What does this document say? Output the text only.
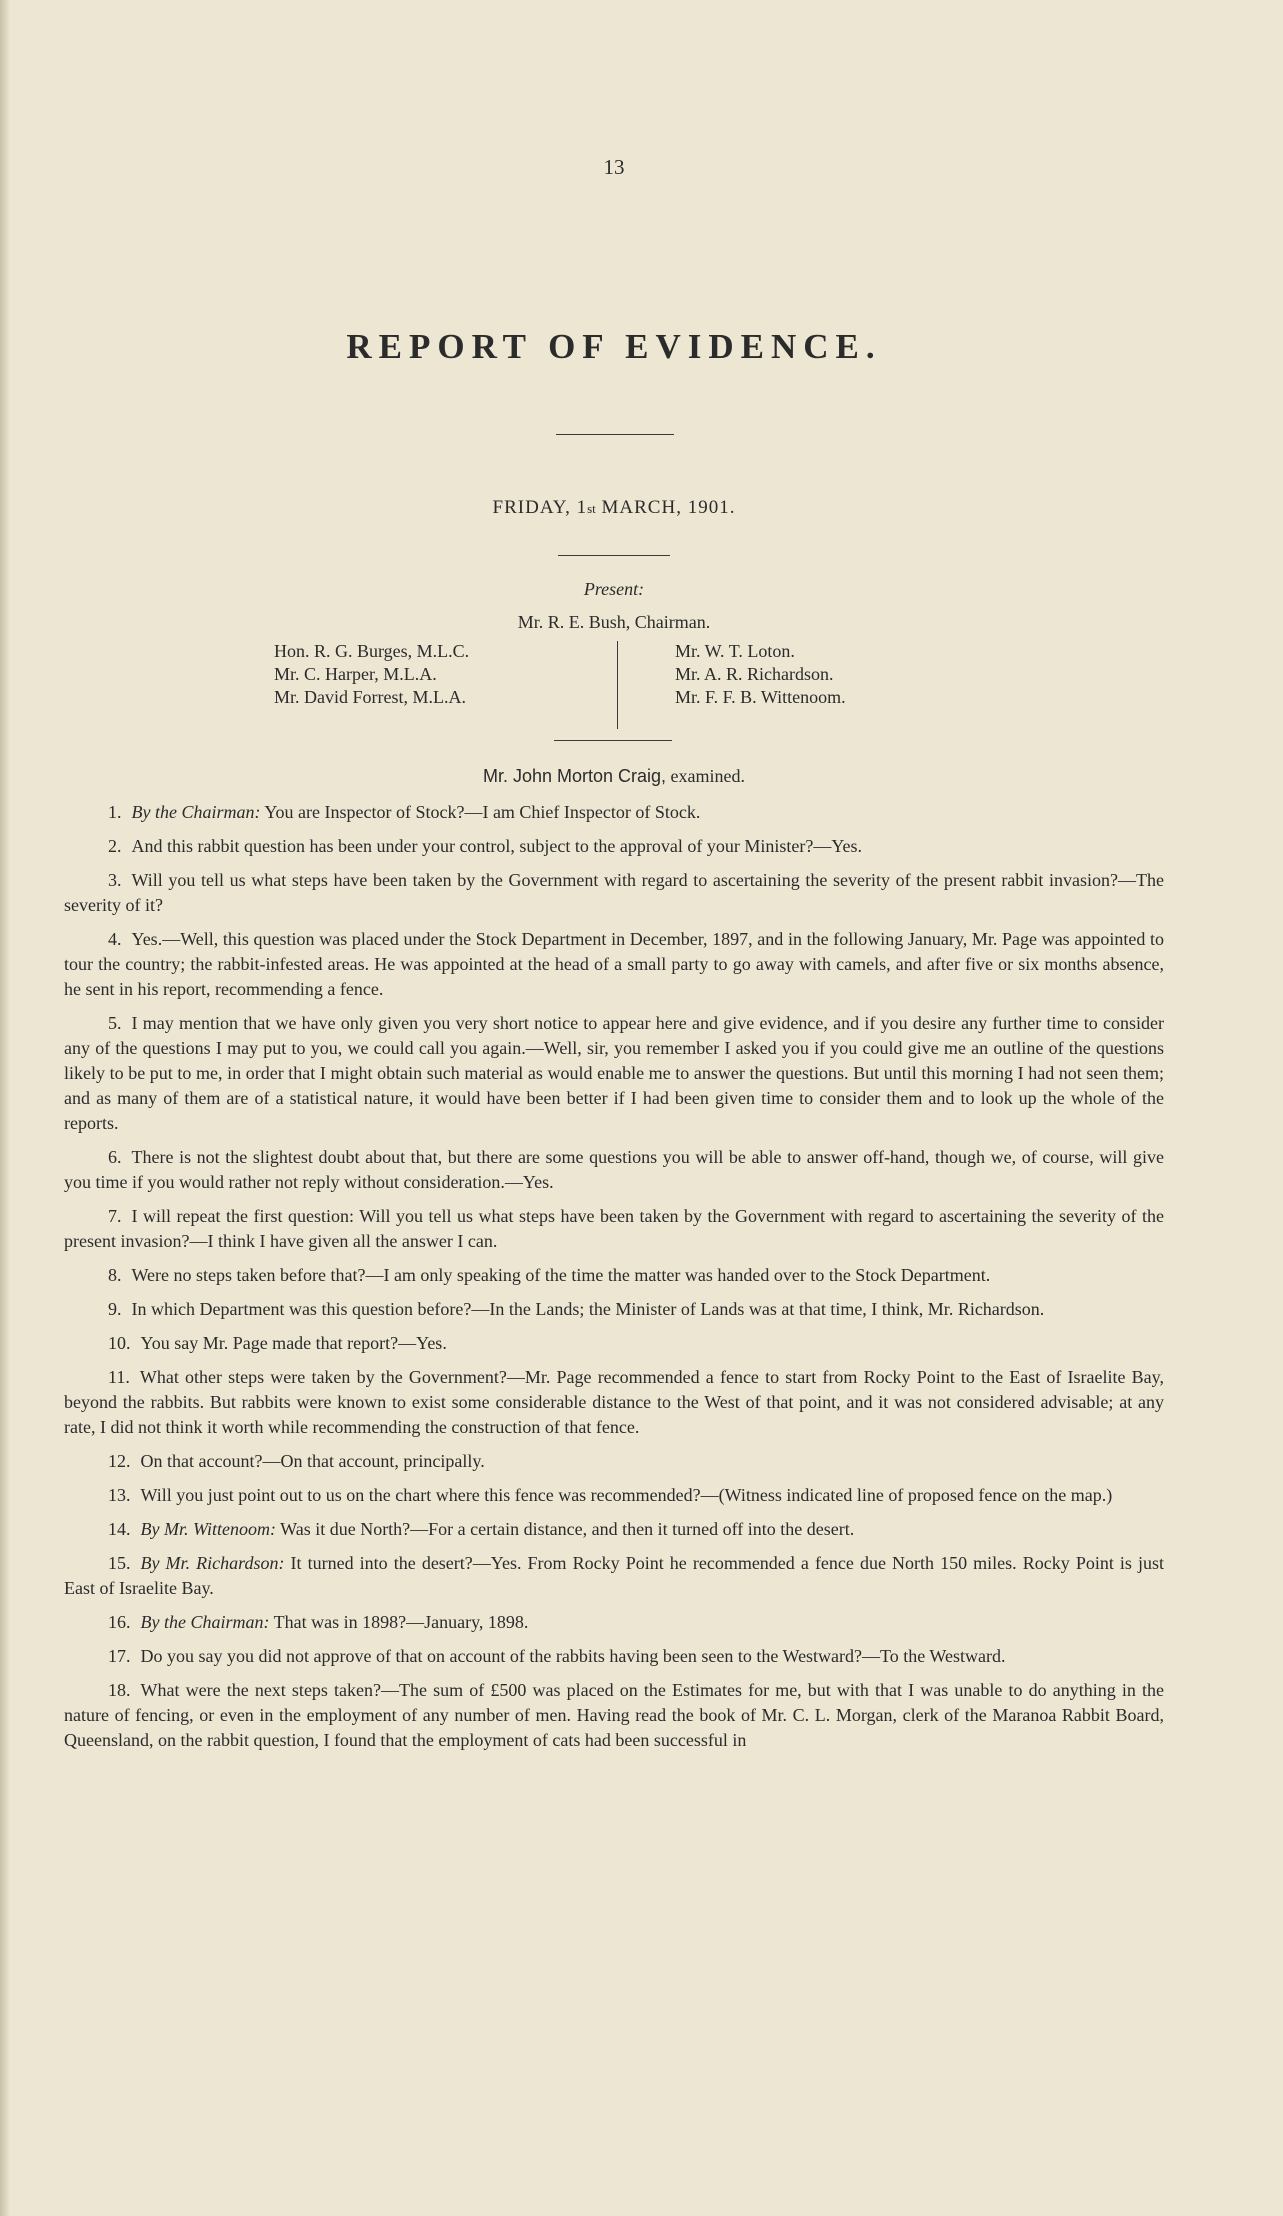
13
REPORT OF EVIDENCE.
FRIDAY, 1st MARCH, 1901.
Present:
Mr. R. E. Bush, Chairman.
Hon. R. G. Burges, M.L.C.
Mr. C. Harper, M.L.A.
Mr. David Forrest, M.L.A.
Mr. W. T. Loton.
Mr. A. R. Richardson.
Mr. F. F. B. Wittenoom.
Mr. John Morton Craig, examined.

1. By the Chairman: You are Inspector of Stock?—I am Chief Inspector of Stock.

2. And this rabbit question has been under your control, subject to the approval of your Minister?—Yes.

3. Will you tell us what steps have been taken by the Government with regard to ascertaining the severity of the present rabbit invasion?—The severity of it?

4. Yes.—Well, this question was placed under the Stock Department in December, 1897, and in the following January, Mr. Page was appointed to tour the country; the rabbit-infested areas. He was appointed at the head of a small party to go away with camels, and after five or six months absence, he sent in his report, recommending a fence.

5. I may mention that we have only given you very short notice to appear here and give evidence, and if you desire any further time to consider any of the questions I may put to you, we could call you again.—Well, sir, you remember I asked you if you could give me an outline of the questions likely to be put to me, in order that I might obtain such material as would enable me to answer the questions. But until this morning I had not seen them; and as many of them are of a statistical nature, it would have been better if I had been given time to consider them and to look up the whole of the reports.

6. There is not the slightest doubt about that, but there are some questions you will be able to answer off-hand, though we, of course, will give you time if you would rather not reply without consideration.—Yes.

7. I will repeat the first question: Will you tell us what steps have been taken by the Government with regard to ascertaining the severity of the present invasion?—I think I have given all the answer I can.

8. Were no steps taken before that?—I am only speaking of the time the matter was handed over to the Stock Department.

9. In which Department was this question before?—In the Lands; the Minister of Lands was at that time, I think, Mr. Richardson.

10. You say Mr. Page made that report?—Yes.

11. What other steps were taken by the Government?—Mr. Page recommended a fence to start from Rocky Point to the East of Israelite Bay, beyond the rabbits. But rabbits were known to exist some considerable distance to the West of that point, and it was not considered advisable; at any rate, I did not think it worth while recommending the construction of that fence.

12. On that account?—On that account, principally.

13. Will you just point out to us on the chart where this fence was recommended?—(Witness indicated line of proposed fence on the map.)

14. By Mr. Wittenoom: Was it due North?—For a certain distance, and then it turned off into the desert.

15. By Mr. Richardson: It turned into the desert?—Yes. From Rocky Point he recommended a fence due North 150 miles. Rocky Point is just East of Israelite Bay.

16. By the Chairman: That was in 1898?—January, 1898.

17. Do you say you did not approve of that on account of the rabbits having been seen to the Westward?—To the Westward.

18. What were the next steps taken?—The sum of £500 was placed on the Estimates for me, but with that I was unable to do anything in the nature of fencing, or even in the employment of any number of men. Having read the book of Mr. C. L. Morgan, clerk of the Maranoa Rabbit Board, Queensland, on the rabbit question, I found that the employment of cats had been successful in
